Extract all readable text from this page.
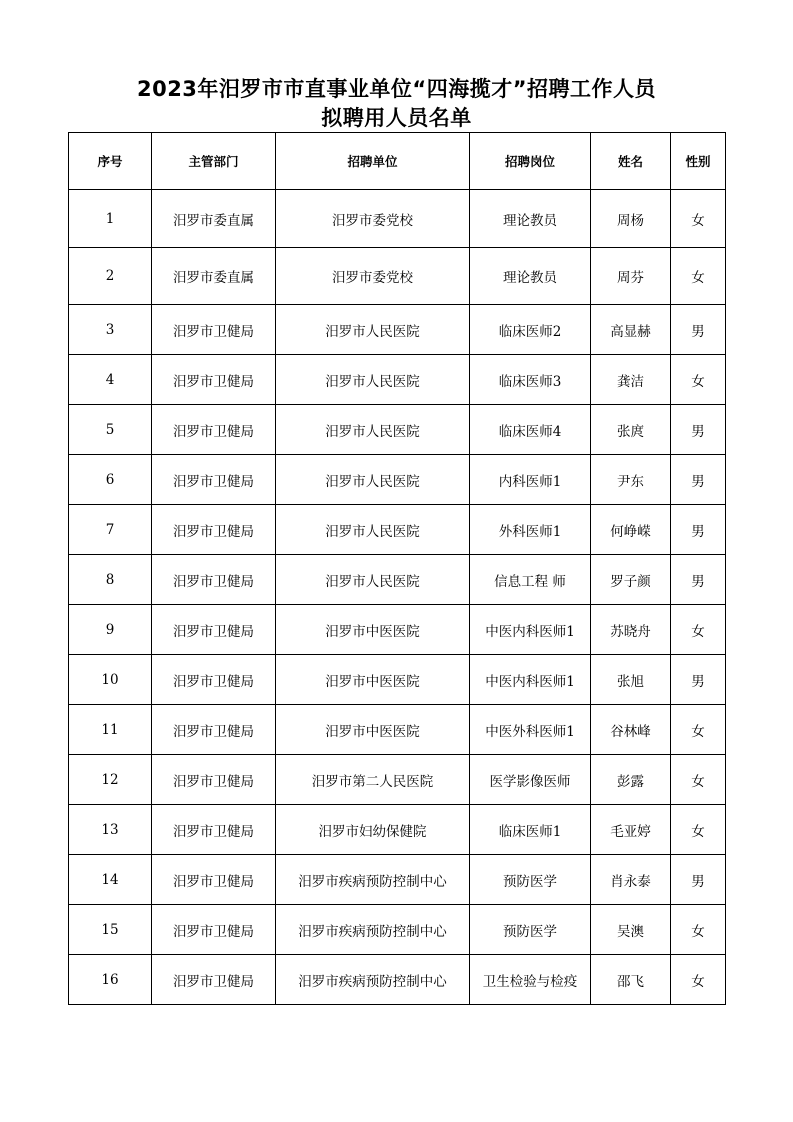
2023年汨罗市市直事业单位“四海揽才”招聘工作人员
拟聘用人员名单
序号	主管部门	招聘单位	招聘岗位	姓名	性别
1	汨罗市委直属	汨罗市委党校	理论教员	周杨	女
2	汨罗市委直属	汨罗市委党校	理论教员	周芬	女
3	汨罗市卫健局	汨罗市人民医院	临床医师2	高显赫	男
4	汨罗市卫健局	汨罗市人民医院	临床医师3	龚洁	女
5	汨罗市卫健局	汨罗市人民医院	临床医师4	张庹	男
6	汨罗市卫健局	汨罗市人民医院	内科医师1	尹东	男
7	汨罗市卫健局	汨罗市人民医院	外科医师1	何峥嵘	男
8	汨罗市卫健局	汨罗市人民医院	信息工程 师	罗子颜	男
9	汨罗市卫健局	汨罗市中医医院	中医内科医师1	苏晓舟	女
10	汨罗市卫健局	汨罗市中医医院	中医内科医师1	张旭	男
11	汨罗市卫健局	汨罗市中医医院	中医外科医师1	谷林峰	女
12	汨罗市卫健局	汨罗市第二人民医院	医学影像医师	彭露	女
13	汨罗市卫健局	汨罗市妇幼保健院	临床医师1	毛亚婷	女
14	汨罗市卫健局	汨罗市疾病预防控制中心	预防医学	肖永泰	男
15	汨罗市卫健局	汨罗市疾病预防控制中心	预防医学	吴澳	女
16	汨罗市卫健局	汨罗市疾病预防控制中心	卫生检验与检疫	邵飞	女
